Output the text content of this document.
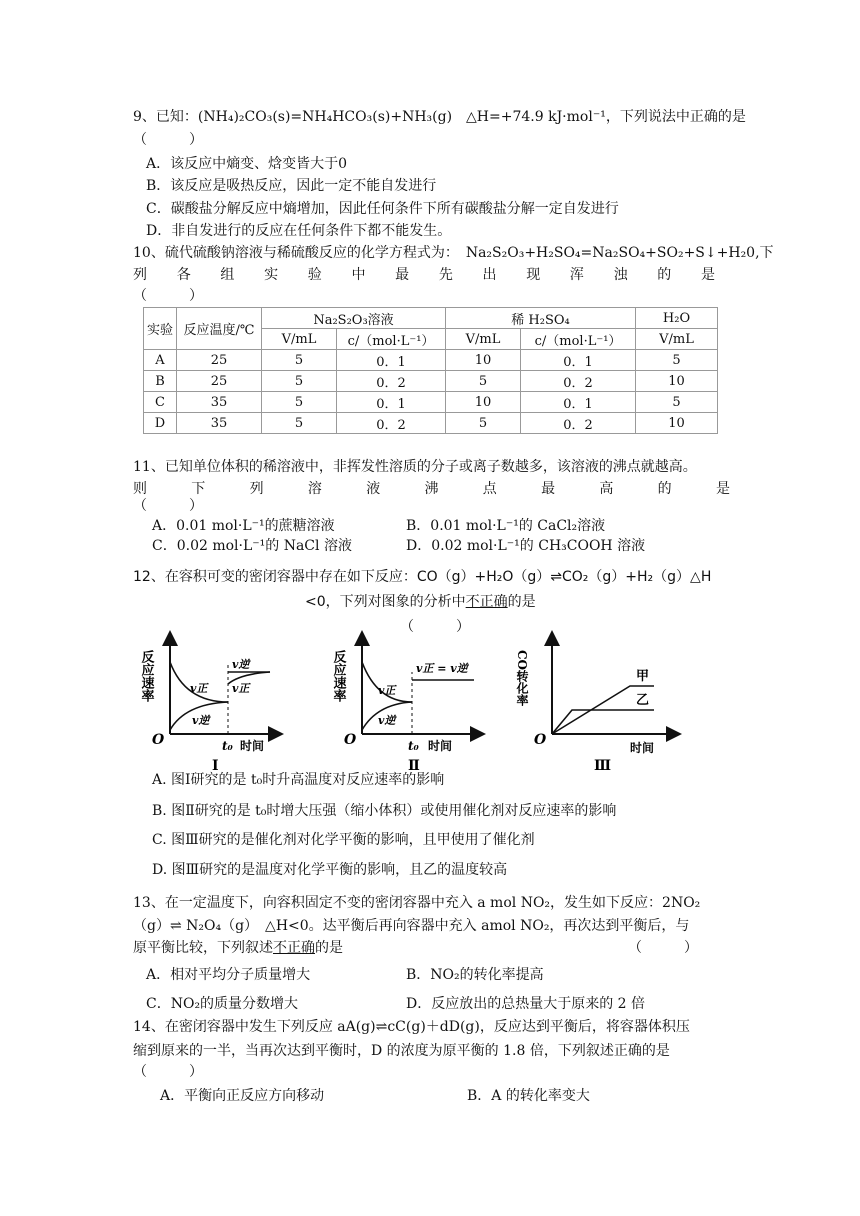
9、已知：(NH₄)₂CO₃(s)=NH₄HCO₃(s)+NH₃(g)　△H=+74.9 kJ·mol⁻¹，下列说法中正确的是
（　　　）
A．该反应中熵变、焓变皆大于0
B．该反应是吸热反应，因此一定不能自发进行
C．碳酸盐分解反应中熵增加，因此任何条件下所有碳酸盐分解一定自发进行
D．非自发进行的反应在任何条件下都不能发生。
10、硫代硫酸钠溶液与稀硫酸反应的化学方程式为：　Na₂S₂O₃+H₂SO₄=Na₂SO₄+SO₂+S↓+H₂0,下
列 各 组 实 验 中 最 先 出 现 浑 浊 的 是
（　　　）
实验	反应温度/℃	Na₂S₂O₃溶液		稀 H₂SO₄		H₂O
		V/mL	c/（mol·L⁻¹）	V/mL	c/（mol·L⁻¹）	V/mL
A	25	5	0．1	10	0．1	5
B	25	5	0．2	5	0．2	10
C	35	5	0．1	10	0．1	5
D	35	5	0．2	5	0．2	10
11、已知单位体积的稀溶液中，非挥发性溶质的分子或离子数越多，该溶液的沸点就越高。
则	下	列	溶	液	沸	点	最	高	的	是
（　　　）
A．0.01 mol·L⁻¹的蔗糖溶液	B．0.01 mol·L⁻¹的 CaCl₂溶液
C．0.02 mol·L⁻¹的 NaCl 溶液	D．0.02 mol·L⁻¹的 CH₃COOH 溶液
12、在容积可变的密闭容器中存在如下反应：CO（g）+H₂O（g）⇌CO₂（g）+H₂（g）△H
<0，下列对图象的分析中不正确的是
（　　　）
反应速率
O
v逆
v正
v正
v逆
t₀ 时间
Ⅰ
反应速率
O
v正 = v逆
v正
v逆
t₀ 时间
Ⅱ
CO转化率
O
甲
乙
时间
Ⅲ
A. 图Ⅰ研究的是 t₀时升高温度对反应速率的影响
B. 图Ⅱ研究的是 t₀时增大压强（缩小体积）或使用催化剂对反应速率的影响
C. 图Ⅲ研究的是催化剂对化学平衡的影响，且甲使用了催化剂
D. 图Ⅲ研究的是温度对化学平衡的影响，且乙的温度较高
13、在一定温度下，向容积固定不变的密闭容器中充入 a mol NO₂，发生如下反应：2NO₂
（g）⇌ N₂O₄（g）　△H<0。达平衡后再向容器中充入 amol NO₂，再次达到平衡后，与
原平衡比较，下列叙述不正确的是	（　　　）
A．相对平均分子质量增大	B．NO₂的转化率提高
C．NO₂的质量分数增大	D．反应放出的总热量大于原来的 2 倍
14、在密闭容器中发生下列反应 aA(g)⇌cC(g)＋dD(g)，反应达到平衡后，将容器体积压
缩到原来的一半，当再次达到平衡时，D 的浓度为原平衡的 1.8 倍，下列叙述正确的是
（　　　）
A．平衡向正反应方向移动	B．A 的转化率变大
